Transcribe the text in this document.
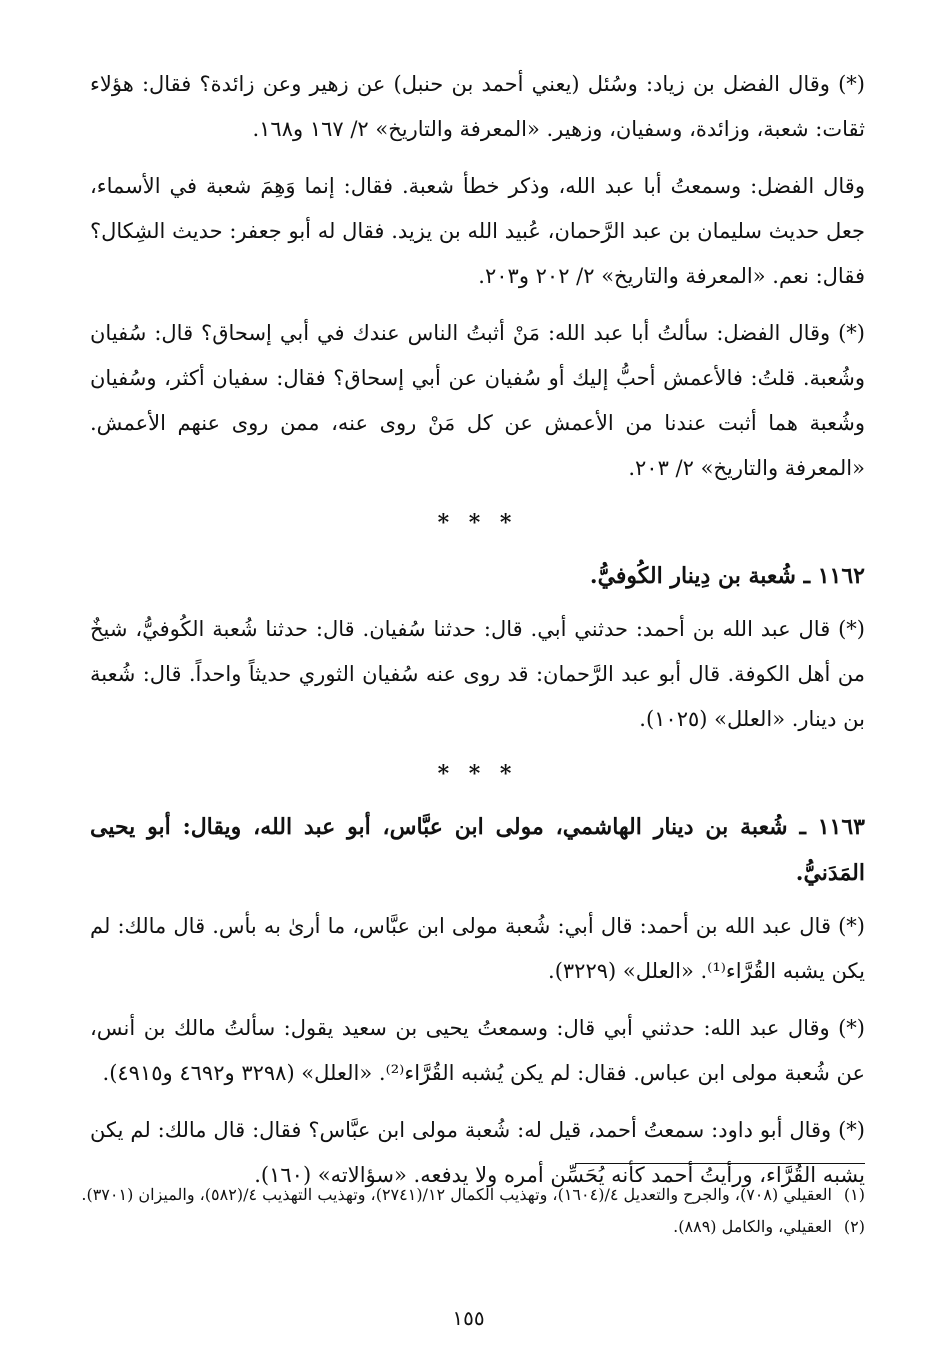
(*) وقال الفضل بن زياد: وسُئل (يعني أحمد بن حنبل) عن زهير وعن زائدة؟ فقال: هؤلاء ثقات: شعبة، وزائدة، وسفيان، وزهير. «المعرفة والتاريخ» ٢/ ١٦٧ و١٦٨.

وقال الفضل: وسمعتُ أبا عبد الله، وذكر خطأ شعبة. فقال: إنما وَهِمَ شعبة في الأسماء، جعل حديث سليمان بن عبد الرَّحمان، عُبيد الله بن يزيد. فقال له أبو جعفر: حديث الشِكال؟ فقال: نعم. «المعرفة والتاريخ» ٢/ ٢٠٢ و٢٠٣.

(*) وقال الفضل: سألتُ أبا عبد الله: مَنْ أثبتُ الناس عندك في أبي إسحاق؟ قال: سُفيان وشُعبة. قلتُ: فالأعمش أحبُّ إليك أو سُفيان عن أبي إسحاق؟ فقال: سفيان أكثر، وسُفيان وشُعبة هما أثبت عندنا من الأعمش عن كل مَنْ روى عنه، ممن روى عنهم الأعمش. «المعرفة والتاريخ» ٢/ ٢٠٣.

* * *
١١٦٢ ـ شُعبة بن دِينار الكُوفيُّ.

(*) قال عبد الله بن أحمد: حدثني أبي. قال: حدثنا سُفيان. قال: حدثنا شُعبة الكُوفيُّ، شيخٌ من أهل الكوفة. قال أبو عبد الرَّحمان: قد روى عنه سُفيان الثوري حديثاً واحداً. قال: شُعبة بن دينار. «العلل» (١٠٢٥).

* * *
١١٦٣ ـ شُعبة بن دينار الهاشمي، مولى ابن عبَّاس، أبو عبد الله، ويقال: أبو يحيى المَدَنيُّ.

(*) قال عبد الله بن أحمد: قال أبي: شُعبة مولى ابن عبَّاس، ما أرىٰ به بأس. قال مالك: لم يكن يشبه القُرَّاء⁽¹⁾. «العلل» (٣٢٢٩).

(*) وقال عبد الله: حدثني أبي قال: وسمعتُ يحيى بن سعيد يقول: سألتُ مالك بن أنس، عن شُعبة مولى ابن عباس. فقال: لم يكن يُشبه القُرَّاء⁽²⁾. «العلل» (٣٢٩٨ و٤٦٩٢ و٤٩١٥).

(*) وقال أبو داود: سمعتُ أحمد، قيل له: شُعبة مولى ابن عبَّاس؟ فقال: قال مالك: لم يكن يشبه القُرَّاء، ورأيتُ أحمد كأنه يُحَسِّن أمره ولا يدفعه. «سؤالاته» (١٦٠).

(١)
العقيلي (٧٠٨)، والجرح والتعديل ٤/(١٦٠٤)، وتهذيب الكمال ١٢/(٢٧٤١)، وتهذيب التهذيب ٤/(٥٨٢)، والميزان (٣٧٠١).
(٢)
العقيلي، والكامل (٨٨٩).
١٥٥
